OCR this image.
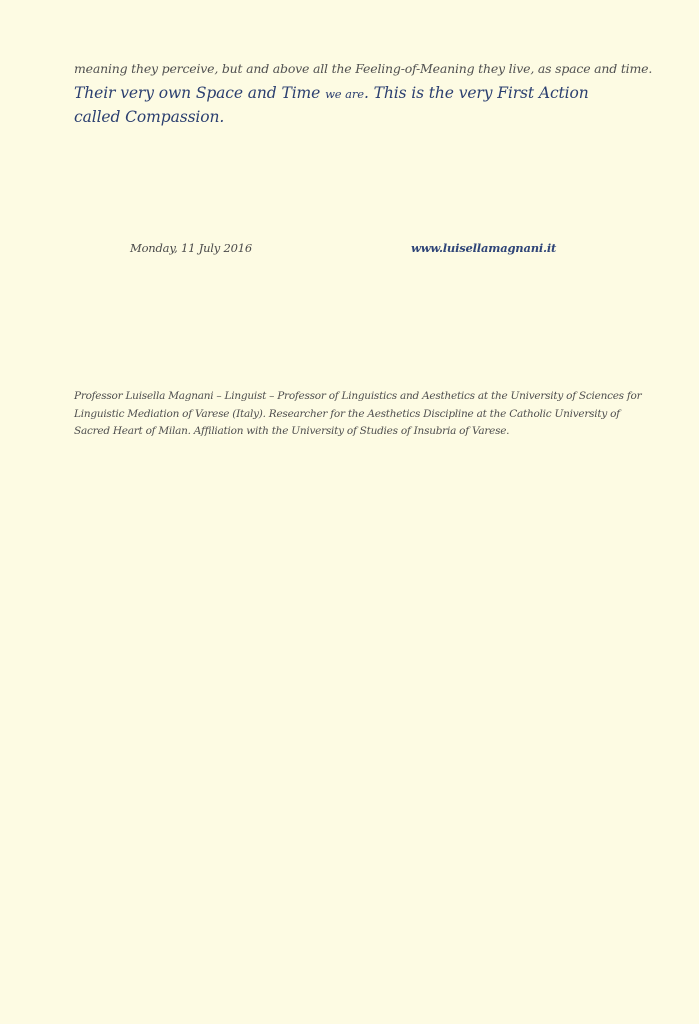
meaning they perceive, but and above all the Feeling-of-Meaning they live, as space and time.
Their very own Space and Time we are. This is the very First Action called Compassion.
Monday, 11 July 2016	www.luisellamagnani.it
Professor Luisella Magnani – Linguist – Professor of Linguistics and Aesthetics at the University of Sciences for Linguistic Mediation of Varese (Italy). Researcher for the Aesthetics Discipline at the Catholic University of Sacred Heart of Milan. Affiliation with the University of Studies of Insubria of Varese.
